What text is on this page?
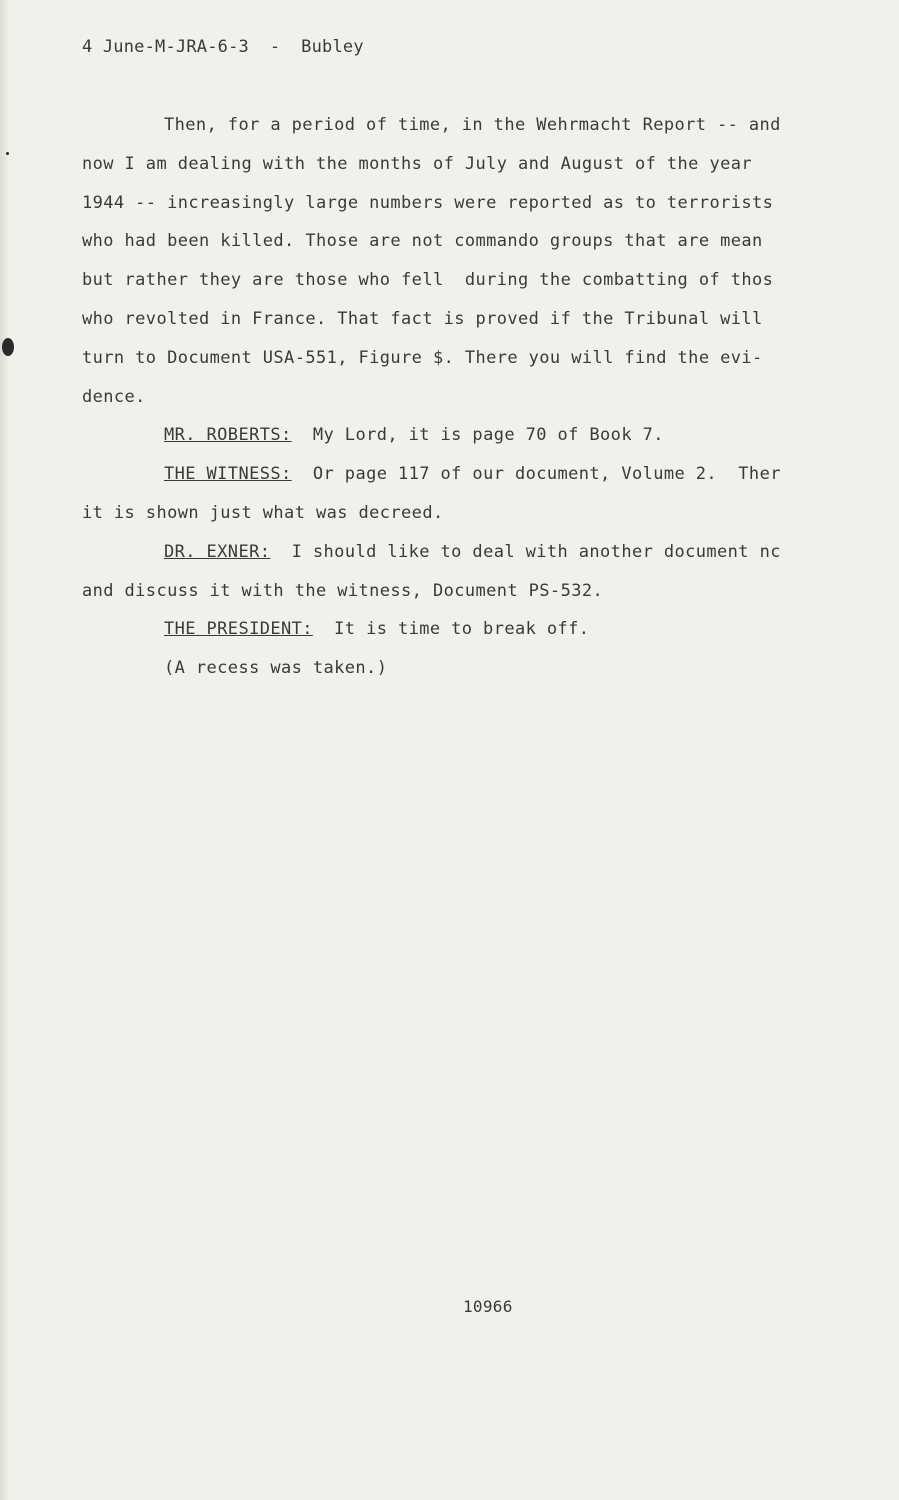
4 June-M-JRA-6-3 - Bubley
Then, for a period of time, in the Wehrmacht Report -- and
now I am dealing with the months of July and August of the year
1944 -- increasingly large numbers were reported as to terrorists
who had been killed. Those are not commando groups that are mean
but rather they are those who fell  during the combatting of thos
who revolted in France. That fact is proved if the Tribunal will
turn to Document USA-551, Figure $. There you will find the evi-
dence.
MR. ROBERTS: My Lord, it is page 70 of Book 7.
THE WITNESS: Or page 117 of our document, Volume 2.  Ther
it is shown just what was decreed.
DR. EXNER: I should like to deal with another document nc
and discuss it with the witness, Document PS-532.
THE PRESIDENT: It is time to break off.
(A recess was taken.)
10966
